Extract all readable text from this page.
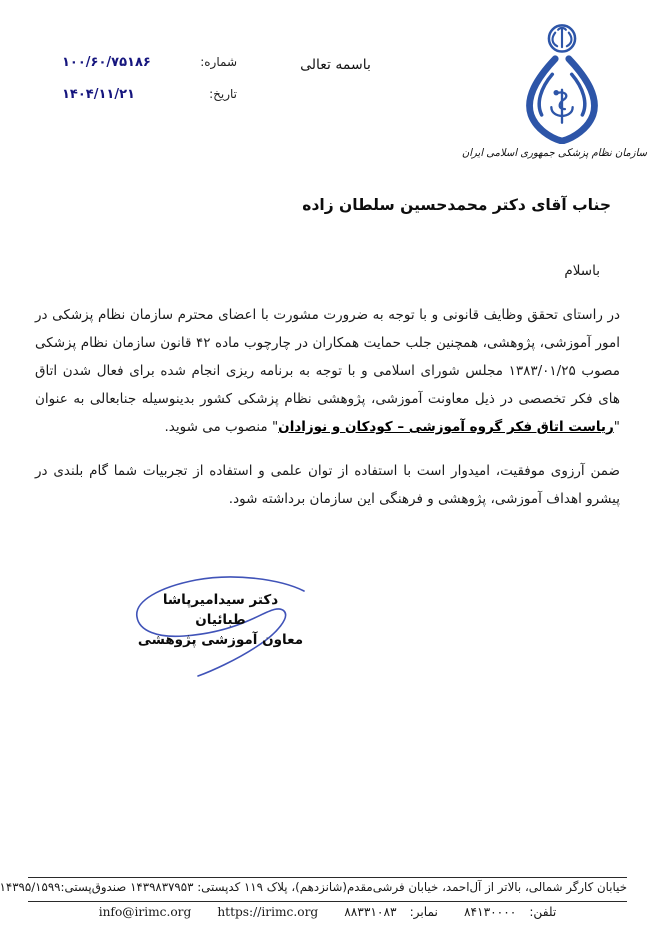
سازمان نظام پزشکی جمهوری اسلامی ایران
باسمه تعالی
شماره:
۱۰۰/۶۰/۷۵۱۸۶
تاریخ:
۱۴۰۴/۱۱/۲۱
جناب آقای دکتر محمدحسین سلطان زاده
باسلام

در راستای تحقق وظایف قانونی و با توجه به ضرورت مشورت با اعضای محترم سازمان نظام پزشکی در امور آموزشی، پژوهشی، همچنین جلب حمایت همکاران در چارچوب ماده ۴۲ قانون سازمان نظام پزشکی مصوب ۱۳۸۳/۰۱/۲۵ مجلس شورای اسلامی و با توجه به برنامه ریزی انجام شده برای فعال شدن اتاق های فکر تخصصی در ذیل معاونت آموزشی، پژوهشی نظام پزشکی کشور بدینوسیله جنابعالی به عنوان "ریاست اتاق فکر گروه آموزشی – کودکان و نوزادان" منصوب می شوید.

ضمن آرزوی موفقیت، امیدوار است با استفاده از توان علمی و استفاده از تجربیات شما گام بلندی در پیشرو اهداف آموزشی، پژوهشی و فرهنگی این سازمان برداشته شود.

دکتر سیدامیرپاشا طبائیان
معاون آموزشی پژوهشی
خیابان کارگر شمالی، بالاتر از آل‌احمد، خیابان فرشی‌مقدم(شانزدهم)، پلاک ۱۱۹ کدپستی: ۱۴۳۹۸۳۷۹۵۳ صندوق‌پستی:۱۴۳۹۵/۱۵۹۹
تلفن:
۸۴۱۳۰۰۰۰
نمابر:
۸۸۳۳۱۰۸۳
https://irimc.org
info@irimc.org
